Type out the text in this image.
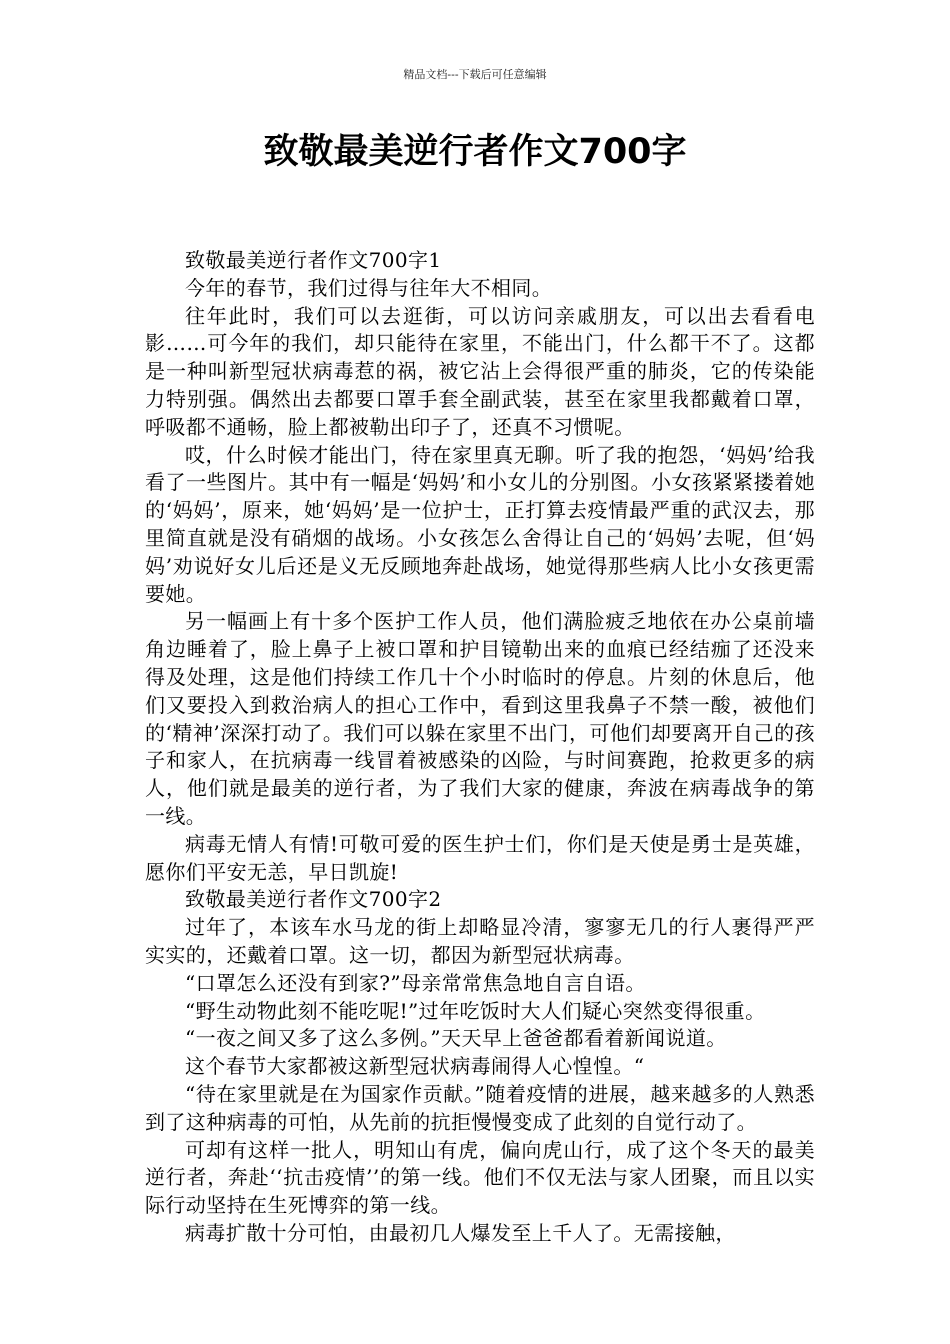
精品文档---下载后可任意编辑
致敬最美逆行者作文700字

致敬最美逆行者作文700字1

今年的春节，我们过得与往年大不相同。

往年此时，我们可以去逛街，可以访问亲戚朋友，可以出去看看电影……可今年的我们，却只能待在家里，不能出门，什么都干不了。这都是一种叫新型冠状病毒惹的祸，被它沾上会得很严重的肺炎，它的传染能力特别强。偶然出去都要口罩手套全副武装，甚至在家里我都戴着口罩，呼吸都不通畅，脸上都被勒出印子了，还真不习惯呢。

哎，什么时候才能出门，待在家里真无聊。听了我的抱怨，‘妈妈’给我看了一些图片。其中有一幅是‘妈妈’和小女儿的分别图。小女孩紧紧搂着她的‘妈妈’，原来，她‘妈妈’是一位护士，正打算去疫情最严重的武汉去，那里简直就是没有硝烟的战场。小女孩怎么舍得让自己的‘妈妈’去呢，但‘妈妈’劝说好女儿后还是义无反顾地奔赴战场，她觉得那些病人比小女孩更需要她。

另一幅画上有十多个医护工作人员，他们满脸疲乏地依在办公桌前墙角边睡着了，脸上鼻子上被口罩和护目镜勒出来的血痕已经结痂了还没来得及处理，这是他们持续工作几十个小时临时的停息。片刻的休息后，他们又要投入到救治病人的担心工作中，看到这里我鼻子不禁一酸，被他们的‘精神’深深打动了。我们可以躲在家里不出门，可他们却要离开自己的孩子和家人，在抗病毒一线冒着被感染的凶险，与时间赛跑，抢救更多的病人，他们就是最美的逆行者，为了我们大家的健康，奔波在病毒战争的第一线。

病毒无情人有情!可敬可爱的医生护士们，你们是天使是勇士是英雄，愿你们平安无恙，早日凯旋!

致敬最美逆行者作文700字2

过年了，本该车水马龙的街上却略显冷清，寥寥无几的行人裹得严严实实的，还戴着口罩。这一切，都因为新型冠状病毒。

“口罩怎么还没有到家?”母亲常常焦急地自言自语。

“野生动物此刻不能吃呢!”过年吃饭时大人们疑心突然变得很重。

“一夜之间又多了这么多例。”天天早上爸爸都看着新闻说道。

这个春节大家都被这新型冠状病毒闹得人心惶惶。“

“待在家里就是在为国家作贡献。”随着疫情的进展，越来越多的人熟悉到了这种病毒的可怕，从先前的抗拒慢慢变成了此刻的自觉行动了。

可却有这样一批人，明知山有虎，偏向虎山行，成了这个冬天的最美逆行者，奔赴‘‘抗击疫情’’的第一线。他们不仅无法与家人团聚，而且以实际行动坚持在生死博弈的第一线。

病毒扩散十分可怕，由最初几人爆发至上千人了。无需接触，
